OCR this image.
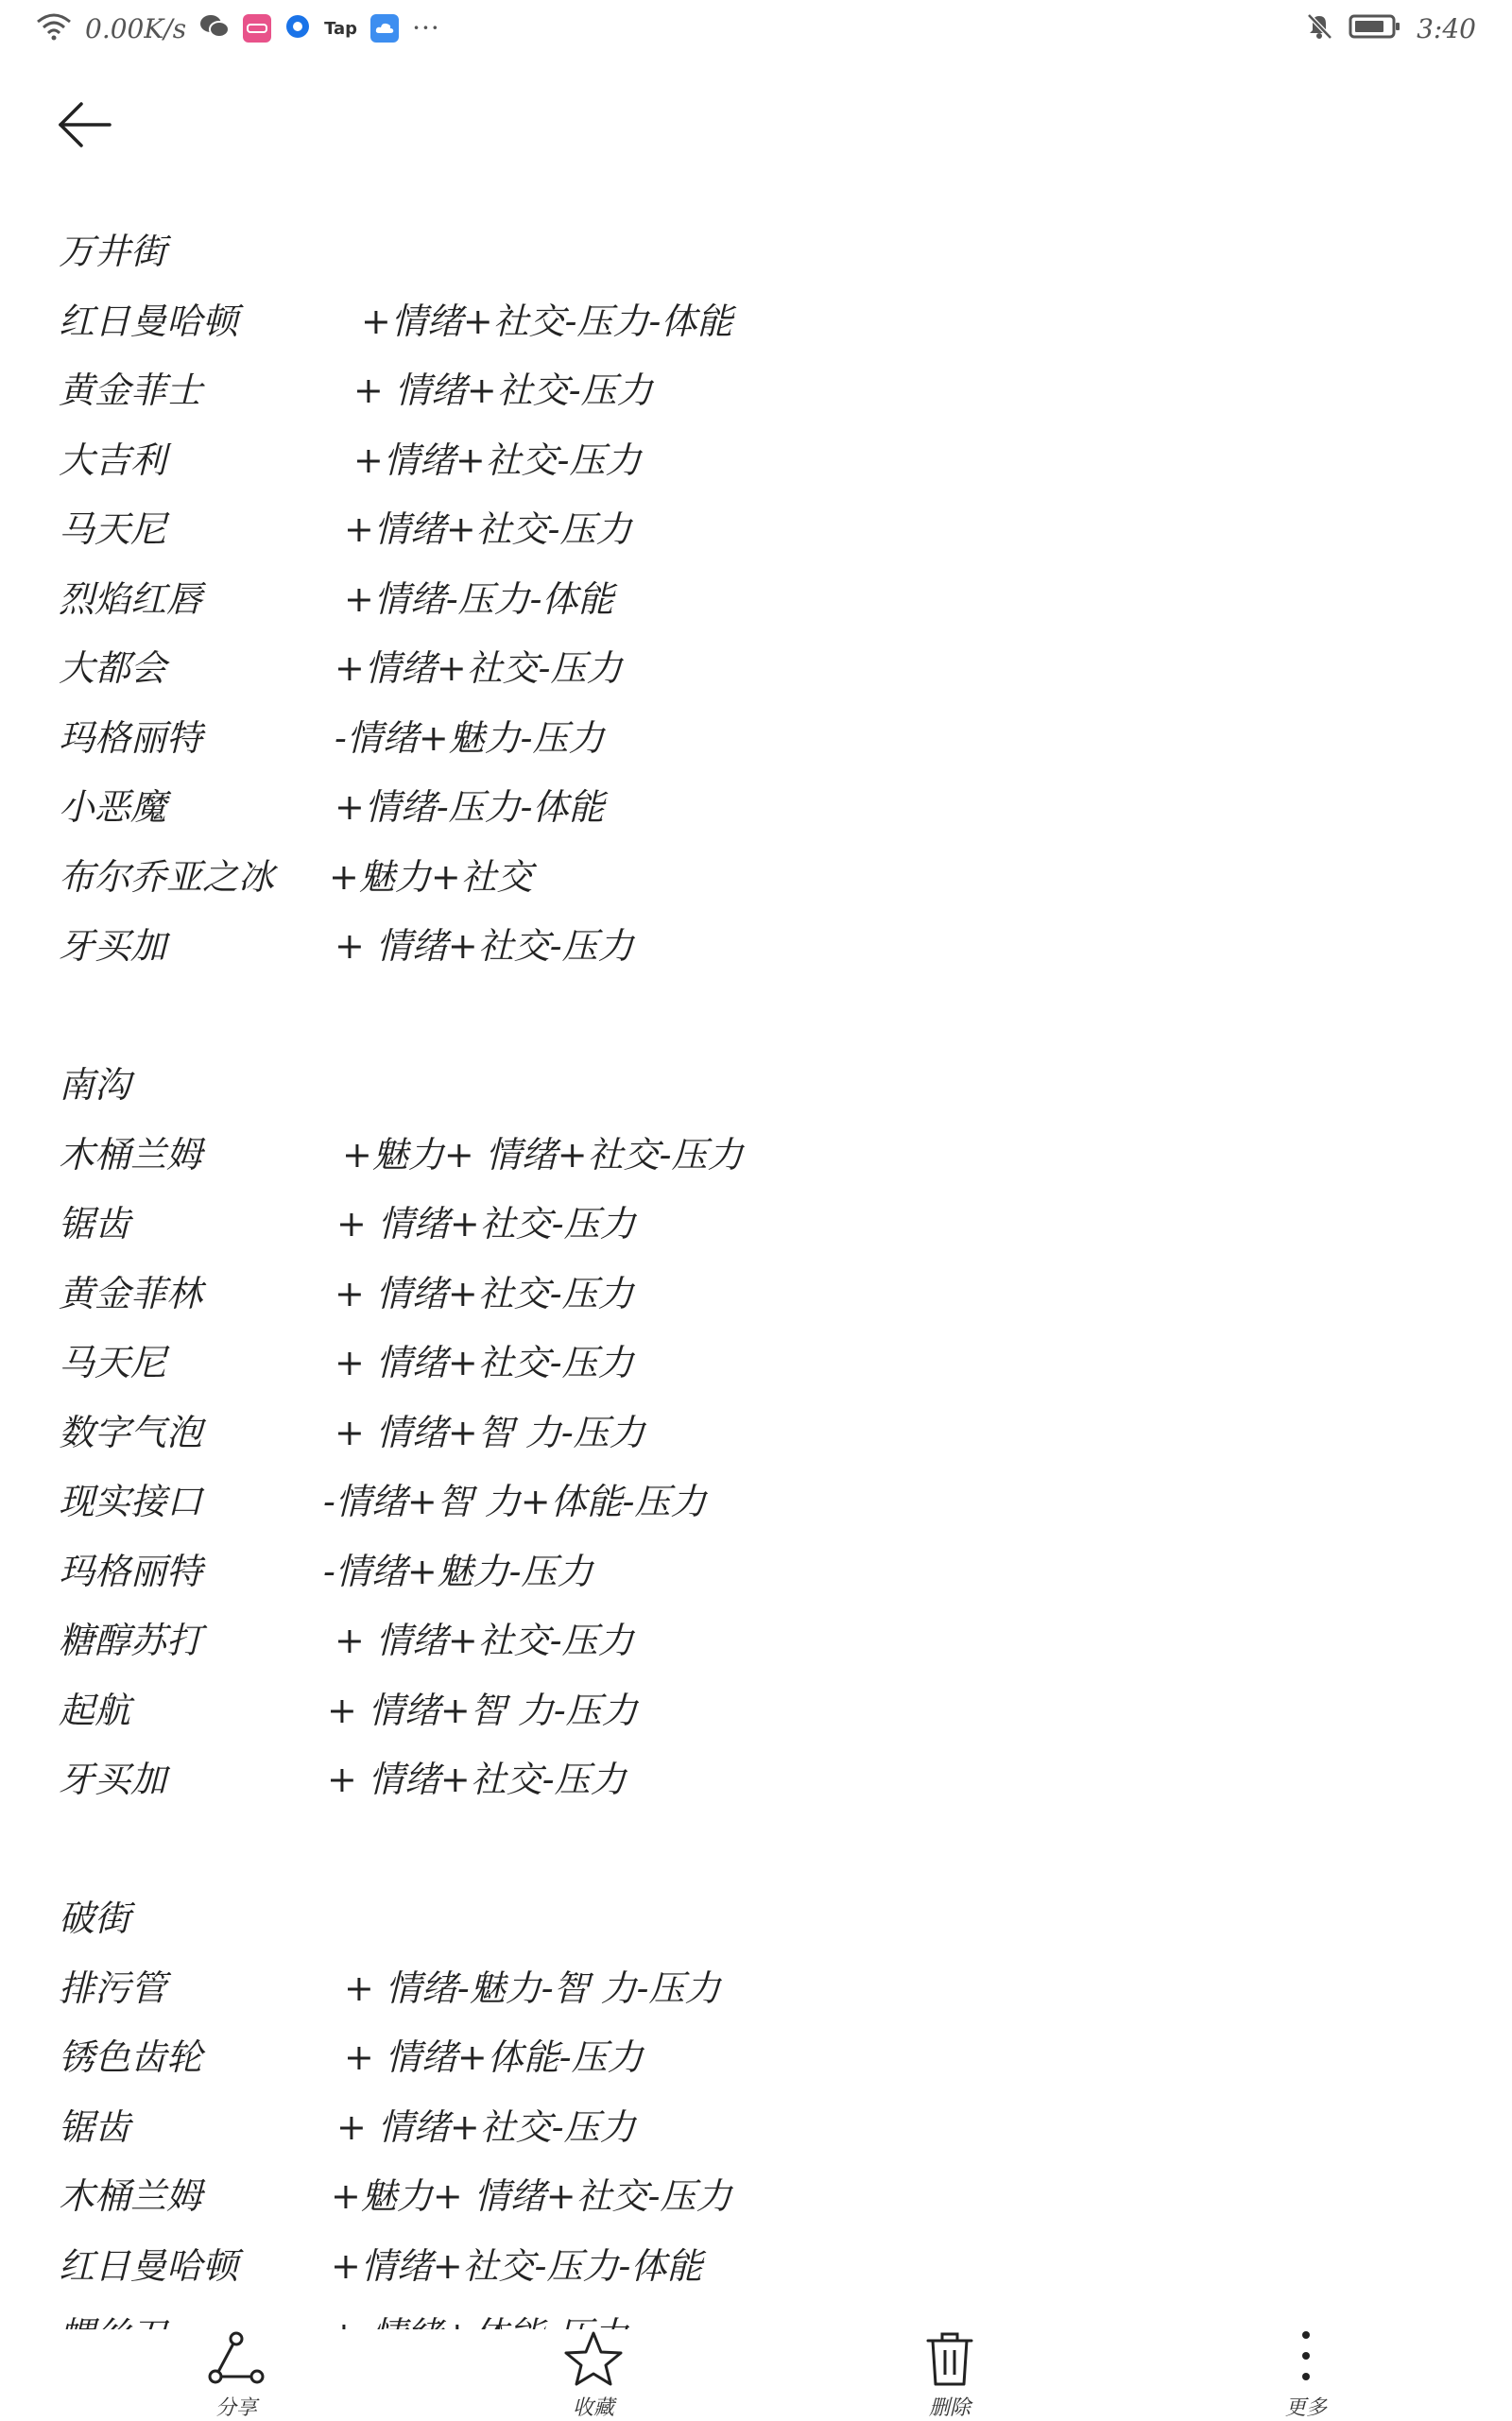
0.00K/s	Tap ···	3:40
万井街
红日曼哈顿	+情绪+社交-压力-体能
黄金菲士	+ 情绪+社交-压力
大吉利	+情绪+社交-压力
马天尼	+情绪+社交-压力
烈焰红唇	+情绪-压力-体能
大都会	+情绪+社交-压力
玛格丽特	-情绪+魅力-压力
小恶魔	+情绪-压力-体能
布尔乔亚之冰 +魅力+社交
牙买加	+ 情绪+社交-压力
南沟
木桶兰姆	+魅力+ 情绪+社交-压力
锯齿	+ 情绪+社交-压力
黄金菲林	+ 情绪+社交-压力
马天尼	+ 情绪+社交-压力
数字气泡	+ 情绪+智 力-压力
现实接口	-情绪+智 力+体能-压力
玛格丽特	-情绪+魅力-压力
糖醇苏打	+ 情绪+社交-压力
起航	+ 情绪+智 力-压力
牙买加	+ 情绪+社交-压力
破街
排污管	+ 情绪-魅力-智 力-压力
锈色齿轮	+ 情绪+体能-压力
锯齿	+ 情绪+社交-压力
木桶兰姆	+魅力+ 情绪+社交-压力
红日曼哈顿	+情绪+社交-压力-体能
分享	收藏	删除	更多
